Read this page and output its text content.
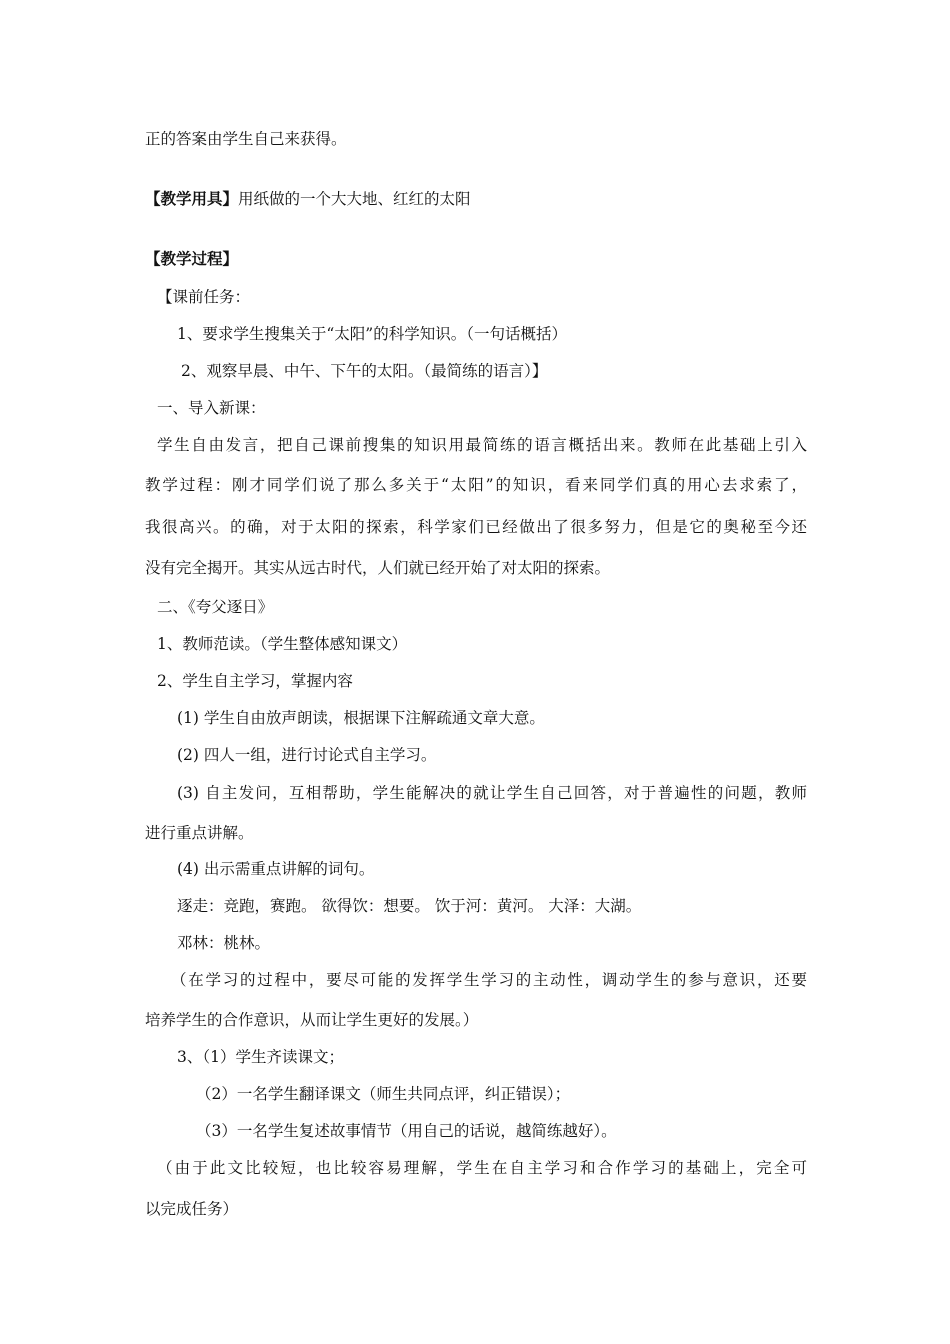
正的答案由学生自己来获得。
【教学用具】用纸做的一个大大地、红红的太阳
【教学过程】
【课前任务：
1、要求学生搜集关于“太阳”的科学知识。（一句话概括）
2、观察早晨、中午、下午的太阳。（最简练的语言）】
一、导入新课：
学生自由发言，把自己课前搜集的知识用最简练的语言概括出来。教师在此基础上引入
教学过程：刚才同学们说了那么多关于“太阳”的知识，看来同学们真的用心去求索了，
我很高兴。的确，对于太阳的探索，科学家们已经做出了很多努力，但是它的奥秘至今还
没有完全揭开。其实从远古时代，人们就已经开始了对太阳的探索。
二、《夸父逐日》
1、教师范读。（学生整体感知课文）
2、学生自主学习，掌握内容
(1) 学生自由放声朗读，根据课下注解疏通文章大意。
(2) 四人一组，进行讨论式自主学习。
(3) 自主发问，互相帮助，学生能解决的就让学生自己回答，对于普遍性的问题，教师
进行重点讲解。
(4) 出示需重点讲解的词句。
逐走：竞跑，赛跑。 欲得饮：想要。 饮于河：黄河。 大泽：大湖。
邓林：桃林。
（在学习的过程中，要尽可能的发挥学生学习的主动性，调动学生的参与意识，还要
培养学生的合作意识，从而让学生更好的发展。）
3、（1）学生齐读课文；
（2）一名学生翻译课文（师生共同点评，纠正错误）；
（3）一名学生复述故事情节（用自己的话说，越简练越好）。
（由于此文比较短，也比较容易理解，学生在自主学习和合作学习的基础上，完全可
以完成任务）
